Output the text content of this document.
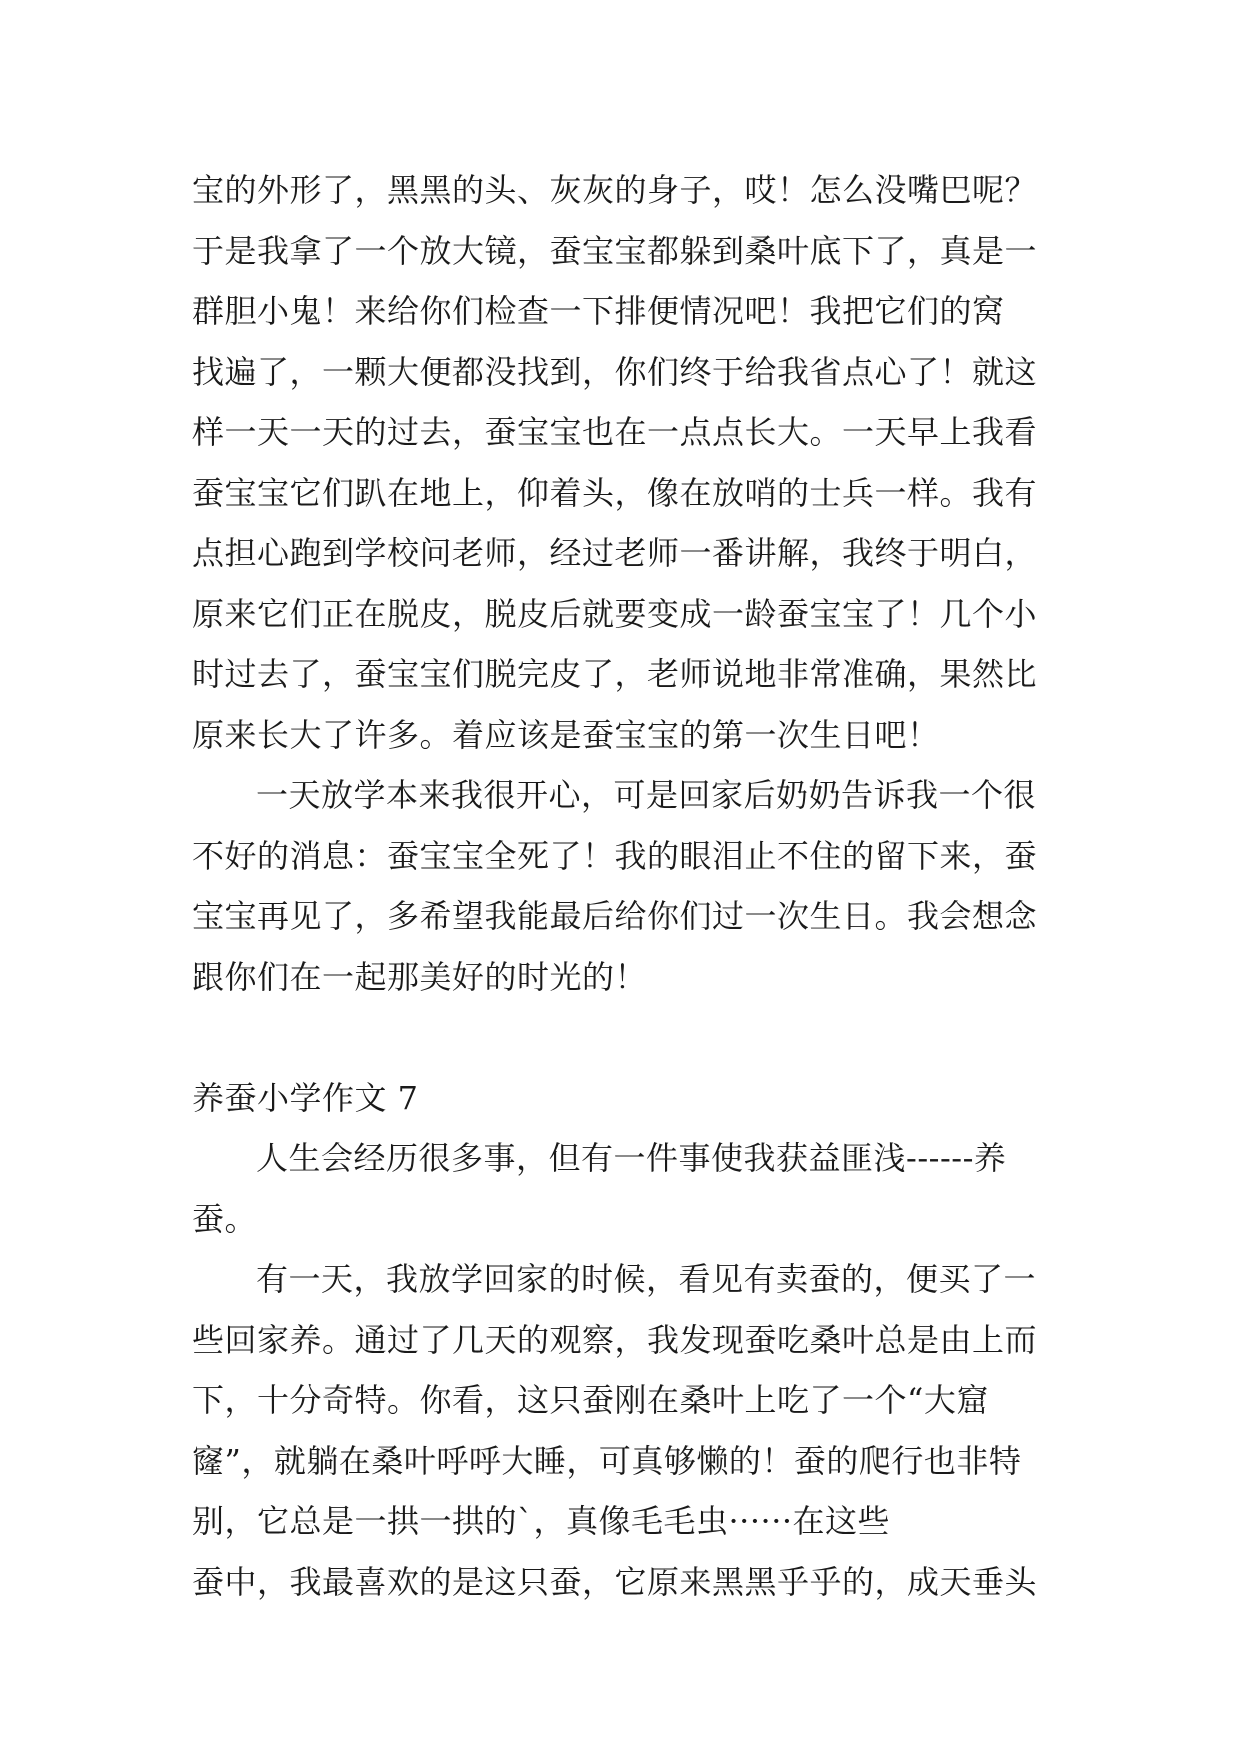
宝的外形了，黑黑的头、灰灰的身子，哎！怎么没嘴巴呢？
于是我拿了一个放大镜，蚕宝宝都躲到桑叶底下了，真是一
群胆小鬼！来给你们检查一下排便情况吧！我把它们的窝
找遍了，一颗大便都没找到，你们终于给我省点心了！就这
样一天一天的过去，蚕宝宝也在一点点长大。一天早上我看
蚕宝宝它们趴在地上，仰着头，像在放哨的士兵一样。我有
点担心跑到学校问老师，经过老师一番讲解，我终于明白，
原来它们正在脱皮，脱皮后就要变成一龄蚕宝宝了！几个小
时过去了，蚕宝宝们脱完皮了，老师说地非常准确，果然比
原来长大了许多。着应该是蚕宝宝的第一次生日吧！
一天放学本来我很开心，可是回家后奶奶告诉我一个很
不好的消息：蚕宝宝全死了！我的眼泪止不住的留下来，蚕
宝宝再见了，多希望我能最后给你们过一次生日。我会想念
跟你们在一起那美好的时光的！
养蚕小学作文 7
人生会经历很多事，但有一件事使我获益匪浅------养
蚕。
有一天，我放学回家的时候，看见有卖蚕的，便买了一
些回家养。通过了几天的观察，我发现蚕吃桑叶总是由上而
下，十分奇特。你看，这只蚕刚在桑叶上吃了一个“大窟
窿”，就躺在桑叶呼呼大睡，可真够懒的！蚕的爬行也非特
别，它总是一拱一拱的`，真像毛毛虫······在这些
蚕中，我最喜欢的是这只蚕，它原来黑黑乎乎的，成天垂头
